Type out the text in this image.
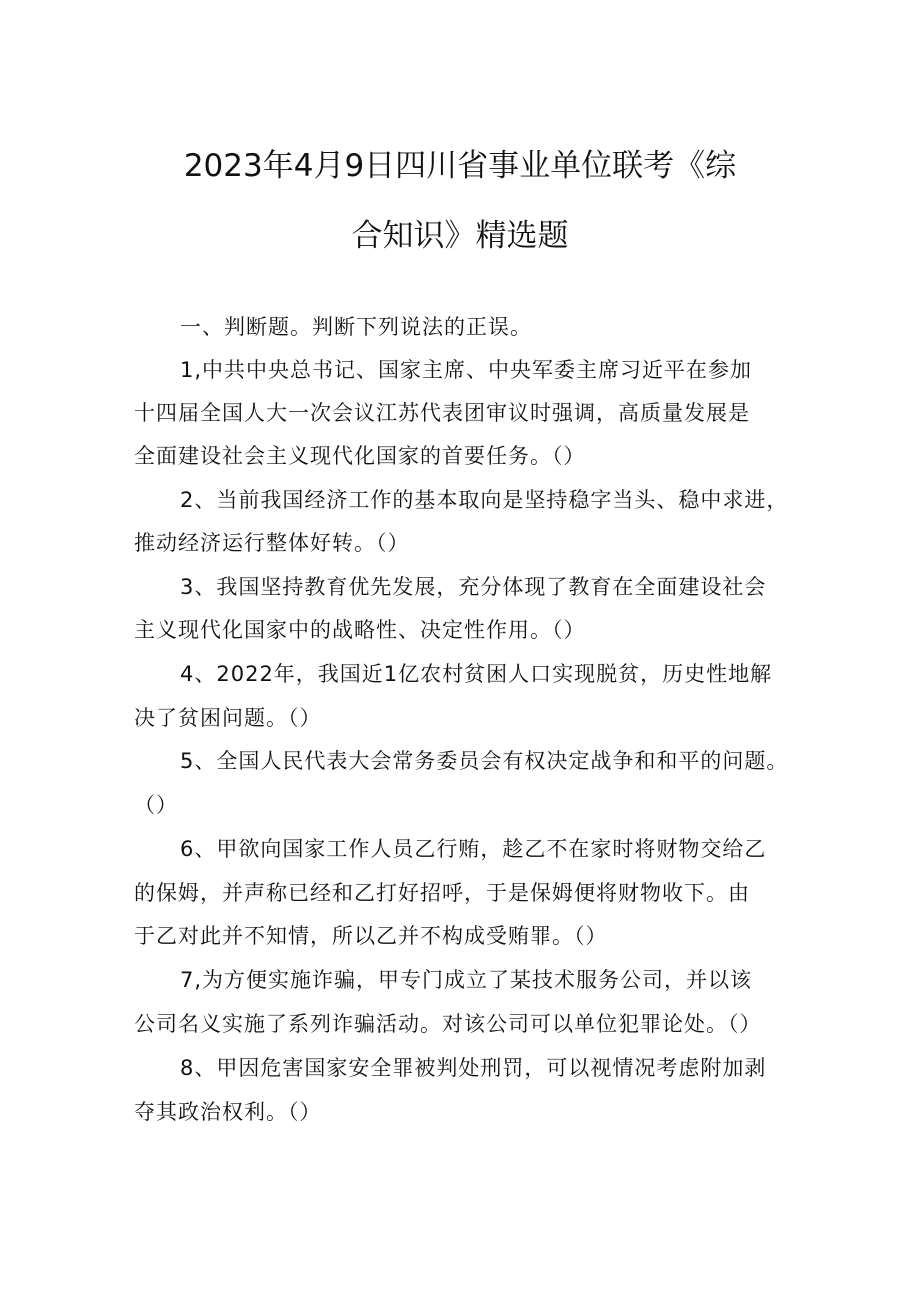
2023年4月9日四川省事业单位联考《综
合知识》精选题
一、判断题。判断下列说法的正误。
1,中共中央总书记、国家主席、中央军委主席习近平在参加
十四届全国人大一次会议江苏代表团审议时强调，高质量发展是
全面建设社会主义现代化国家的首要任务。（）
2、当前我国经济工作的基本取向是坚持稳字当头、稳中求进，
推动经济运行整体好转。（）
3、我国坚持教育优先发展，充分体现了教育在全面建设社会
主义现代化国家中的战略性、决定性作用。（）
4、2022年，我国近1亿农村贫困人口实现脱贫，历史性地解
决了贫困问题。（）
5、全国人民代表大会常务委员会有权决定战争和和平的问题。
（）
6、甲欲向国家工作人员乙行贿，趁乙不在家时将财物交给乙
的保姆，并声称已经和乙打好招呼，于是保姆便将财物收下。由
于乙对此并不知情，所以乙并不构成受贿罪。（）
7,为方便实施诈骗，甲专门成立了某技术服务公司，并以该
公司名义实施了系列诈骗活动。对该公司可以单位犯罪论处。（）
8、甲因危害国家安全罪被判处刑罚，可以视情况考虑附加剥
夺其政治权利。（）
